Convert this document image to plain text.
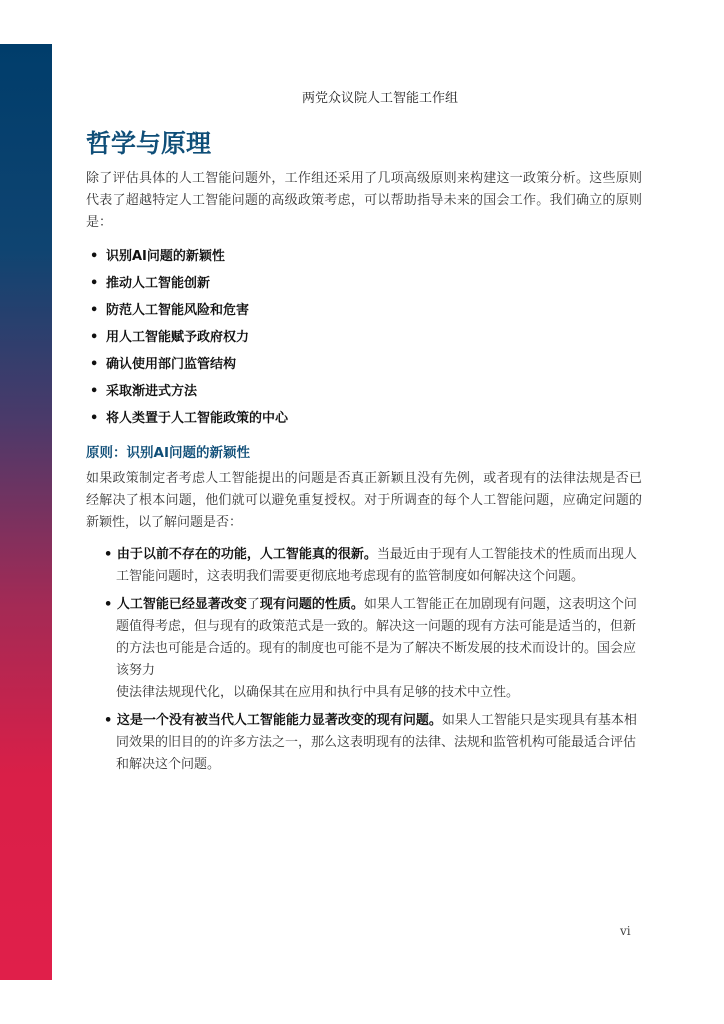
两党众议院人工智能工作组
哲学与原理

除了评估具体的人工智能问题外，工作组还采用了几项高级原则来构建这一政策分析。这些原则代表了超越特定人工智能问题的高级政策考虑，可以帮助指导未来的国会工作。我们确立的原则是：

• 识别AI问题的新颖性
• 推动人工智能创新
• 防范人工智能风险和危害
• 用人工智能赋予政府权力
• 确认使用部门监管结构
• 采取渐进式方法
• 将人类置于人工智能政策的中心
原则：识别AI问题的新颖性

如果政策制定者考虑人工智能提出的问题是否真正新颖且没有先例，或者现有的法律法规是否已经解决了根本问题，他们就可以避免重复授权。对于所调查的每个人工智能问题，应确定问题的新颖性，以了解问题是否：

• 由于以前不存在的功能，人工智能真的很新。当最近由于现有人工智能技术的性质而出现人工智能问题时，这表明我们需要更彻底地考虑现有的监管制度如何解决这个问题。
• 人工智能已经显著改变了现有问题的性质。如果人工智能正在加剧现有问题，这表明这个问题值得考虑，但与现有的政策范式是一致的。解决这一问题的现有方法可能是适当的，但新的方法也可能是合适的。现有的制度也可能不是为了解决不断发展的技术而设计的。国会应该努力
使法律法规现代化，以确保其在应用和执行中具有足够的技术中立性。
• 这是一个没有被当代人工智能能力显著改变的现有问题。如果人工智能只是实现具有基本相同效果的旧目的的许多方法之一，那么这表明现有的法律、法规和监管机构可能最适合评估和解决这个问题。
vi
